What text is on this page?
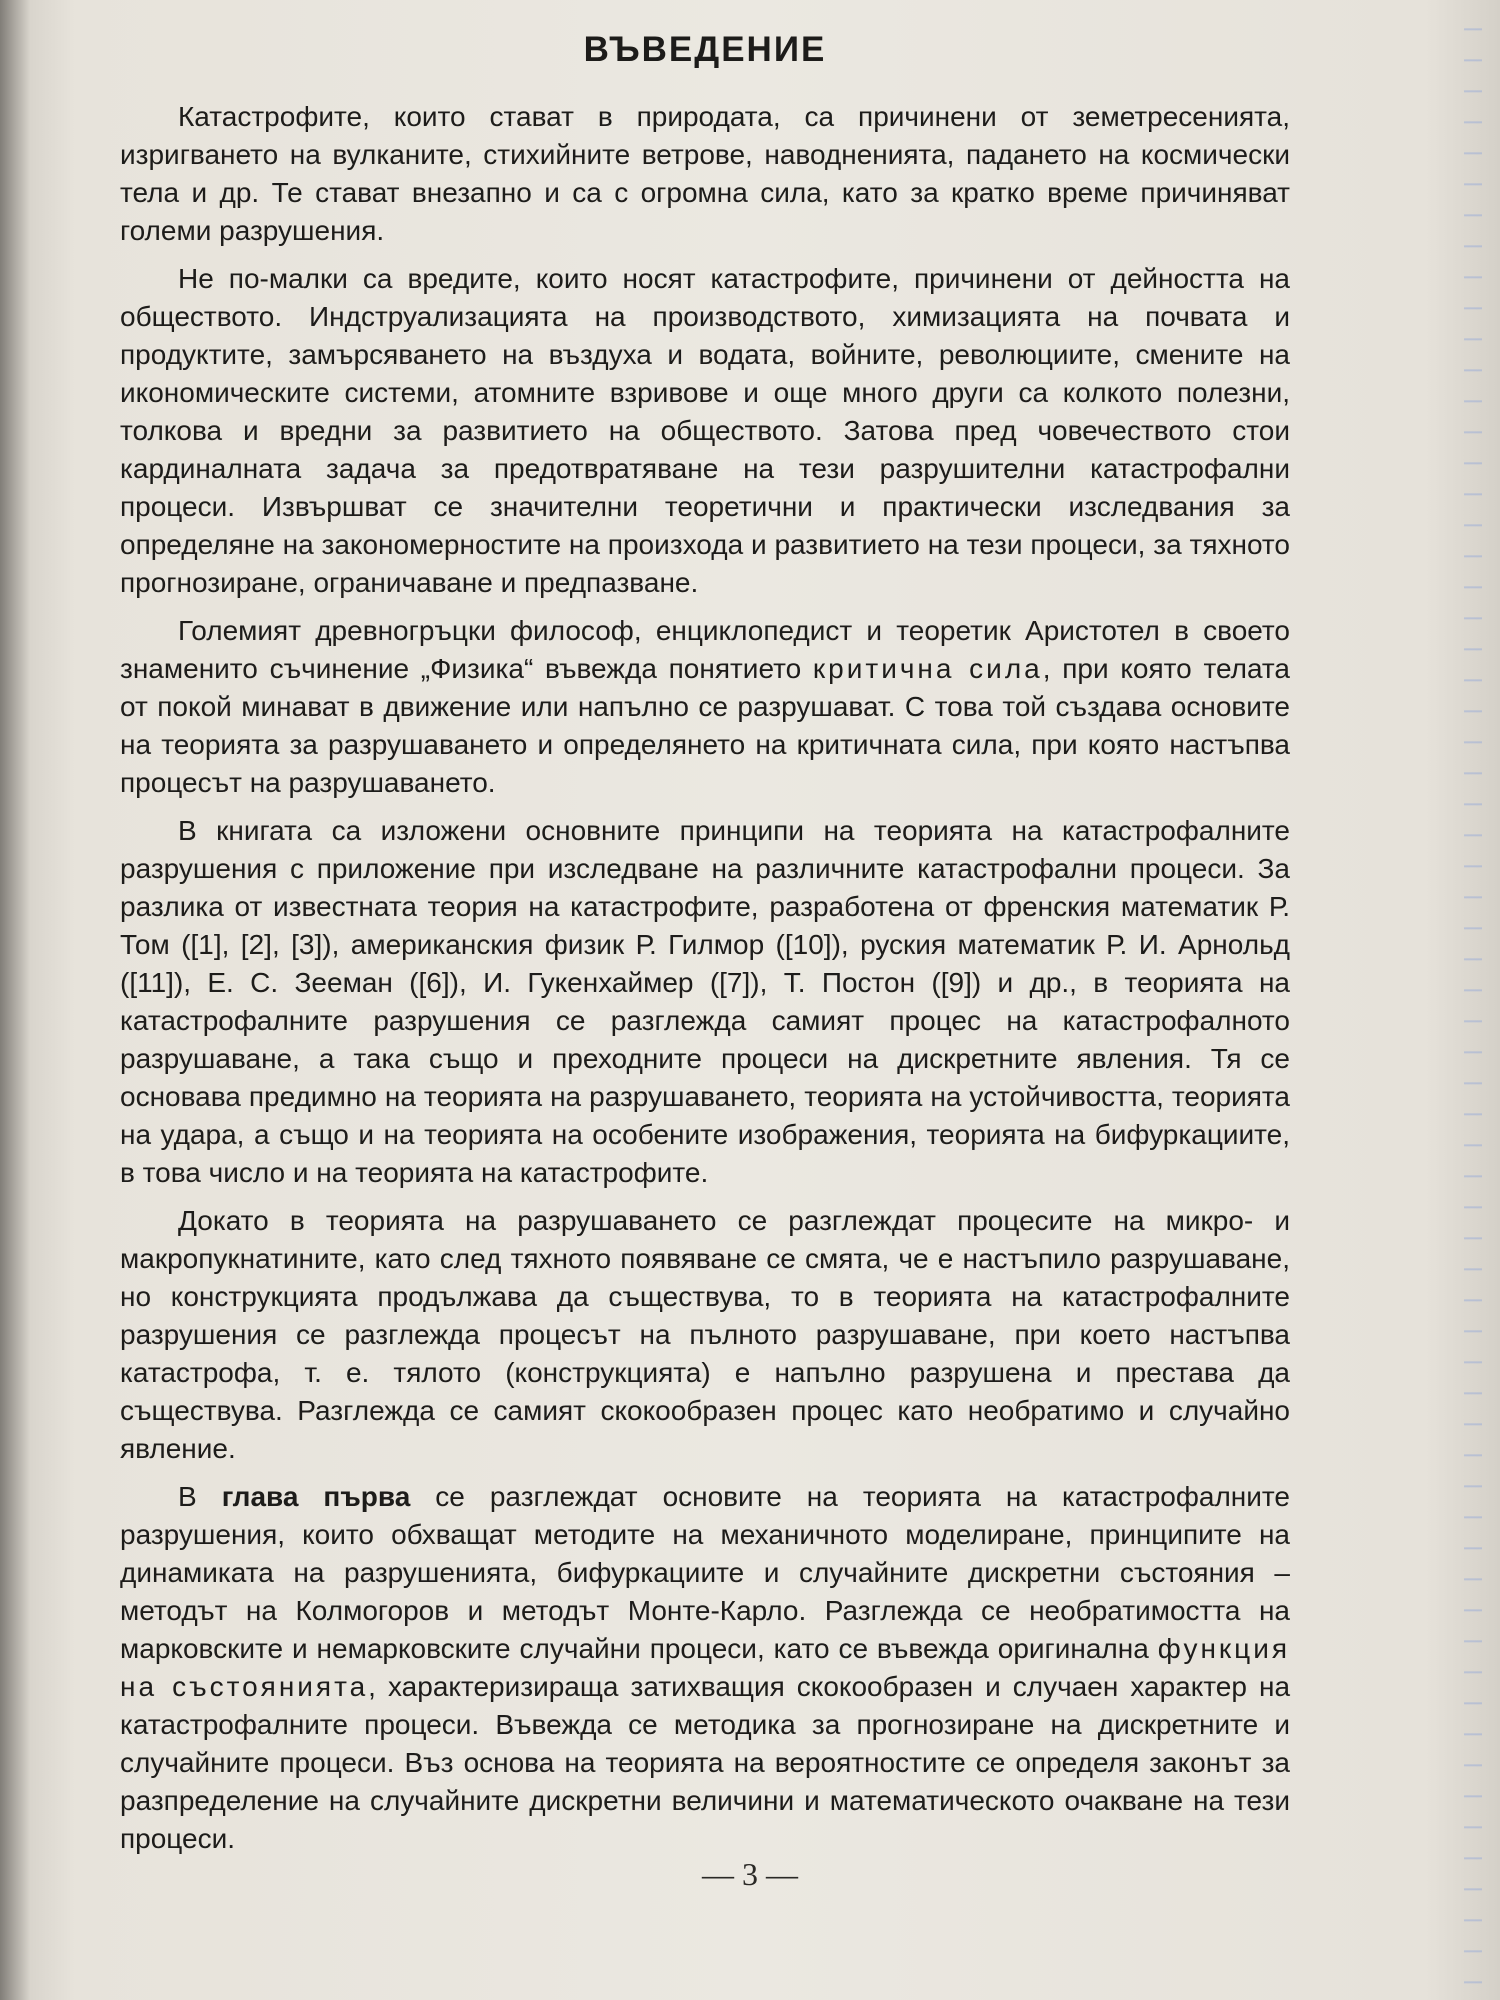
ВЪВЕДЕНИЕ

Катастрофите, които стават в природата, са причинени от земетресенията, изригването на вулканите, стихийните ветрове, наводненията, падането на космически тела и др. Те стават внезапно и са с огромна сила, като за кратко време причиняват големи разрушения.

Не по-малки са вредите, които носят катастрофите, причинени от дейността на обществото. Индструализацията на производството, химизацията на почвата и продуктите, замърсяването на въздуха и водата, войните, революциите, смените на икономическите системи, атомните взривове и още много други са колкото полезни, толкова и вредни за развитието на обществото. Затова пред човечеството стои кардиналната задача за предотвратяване на тези разрушителни катастрофални процеси. Извършват се значителни теоретични и практически изследвания за определяне на закономерностите на произхода и развитието на тези процеси, за тяхното прогнозиране, ограничаване и предпазване.

Големият древногръцки философ, енциклопедист и теоретик Аристотел в своето знаменито съчинение „Физика“ въвежда понятието критична сила, при която телата от покой минават в движение или напълно се разрушават. С това той създава основите на теорията за разрушаването и определянето на критичната сила, при която настъпва процесът на разрушаването.

В книгата са изложени основните принципи на теорията на катастрофалните разрушения с приложение при изследване на различните катастрофални процеси. За разлика от известната теория на катастрофите, разработена от френския математик Р. Том ([1], [2], [3]), американския физик Р. Гилмор ([10]), руския математик Р. И. Арнольд ([11]), Е. С. Зееман ([6]), И. Гукенхаймер ([7]), Т. Постон ([9]) и др., в теорията на катастрофалните разрушения се разглежда самият процес на катастрофалното разрушаване, а така също и преходните процеси на дискретните явления. Тя се основава предимно на теорията на разрушаването, теорията на устойчивостта, теорията на удара, а също и на теорията на особените изображения, теорията на бифуркациите, в това число и на теорията на катастрофите.

Докато в теорията на разрушаването се разглеждат процесите на микро- и макропукнатините, като след тяхното появяване се смята, че е настъпило разрушаване, но конструкцията продължава да съществува, то в теорията на катастрофалните разрушения се разглежда процесът на пълното разрушаване, при което настъпва катастрофа, т. е. тялото (конструкцията) е напълно разрушена и престава да съществува. Разглежда се самият скокообразен процес като необратимо и случайно явление.

В глава първа се разглеждат основите на теорията на катастрофалните разрушения, които обхващат методите на механичното моделиране, принципите на динамиката на разрушенията, бифуркациите и случайните дискретни състояния – методът на Колмогоров и методът Монте-Карло. Разглежда се необратимостта на марковските и немарковските случайни процеси, като се въвежда оригинална функция на състоянията, характеризираща затихващия скокообразен и случаен характер на катастрофалните процеси. Въвежда се методика за прогнозиране на дискретните и случайните процеси. Въз основа на теорията на вероятностите се определя законът за разпределение на случайните дискретни величини и математическото очакване на тези процеси.

— 3 —
